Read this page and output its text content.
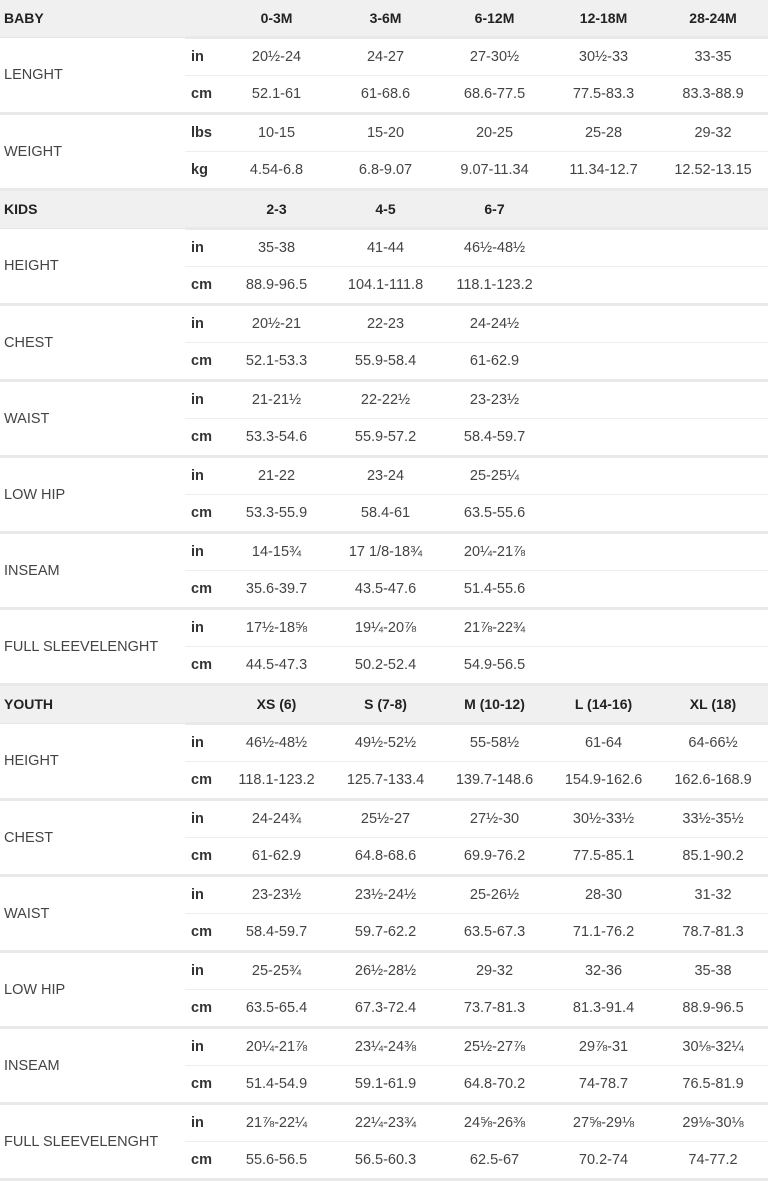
BABY		0-3M	3-6M	6-12M	12-18M	28-24M
LENGHT	in	20½-24	24-27	27-30½	30½-33	33-35
	cm	52.1-61	61-68.6	68.6-77.5	77.5-83.3	83.3-88.9
WEIGHT	lbs	10-15	15-20	20-25	25-28	29-32
	kg	4.54-6.8	6.8-9.07	9.07-11.34	11.34-12.7	12.52-13.15
KIDS		2-3	4-5	6-7		
HEIGHT	in	35-38	41-44	46½-48½		
	cm	88.9-96.5	104.1-111.8	118.1-123.2		
CHEST	in	20½-21	22-23	24-24½		
	cm	52.1-53.3	55.9-58.4	61-62.9		
WAIST	in	21-21½	22-22½	23-23½		
	cm	53.3-54.6	55.9-57.2	58.4-59.7		
LOW HIP	in	21-22	23-24	25-25¼		
	cm	53.3-55.9	58.4-61	63.5-55.6		
INSEAM	in	14-15¾	17 1/8-18¾	20¼-21⅞		
	cm	35.6-39.7	43.5-47.6	51.4-55.6		
FULL SLEEVELENGHT	in	17½-18⅝	19¼-20⅞	21⅞-22¾		
	cm	44.5-47.3	50.2-52.4	54.9-56.5		
YOUTH		XS (6)	S (7-8)	M (10-12)	L (14-16)	XL (18)
HEIGHT	in	46½-48½	49½-52½	55-58½	61-64	64-66½
	cm	118.1-123.2	125.7-133.4	139.7-148.6	154.9-162.6	162.6-168.9
CHEST	in	24-24¾	25½-27	27½-30	30½-33½	33½-35½
	cm	61-62.9	64.8-68.6	69.9-76.2	77.5-85.1	85.1-90.2
WAIST	in	23-23½	23½-24½	25-26½	28-30	31-32
	cm	58.4-59.7	59.7-62.2	63.5-67.3	71.1-76.2	78.7-81.3
LOW HIP	in	25-25¾	26½-28½	29-32	32-36	35-38
	cm	63.5-65.4	67.3-72.4	73.7-81.3	81.3-91.4	88.9-96.5
INSEAM	in	20¼-21⅞	23¼-24⅜	25½-27⅞	29⅞-31	30⅛-32¼
	cm	51.4-54.9	59.1-61.9	64.8-70.2	74-78.7	76.5-81.9
FULL SLEEVELENGHT	in	21⅞-22¼	22¼-23¾	24⅝-26⅜	27⅝-29⅛	29⅛-30⅛
	cm	55.6-56.5	56.5-60.3	62.5-67	70.2-74	74-77.2
